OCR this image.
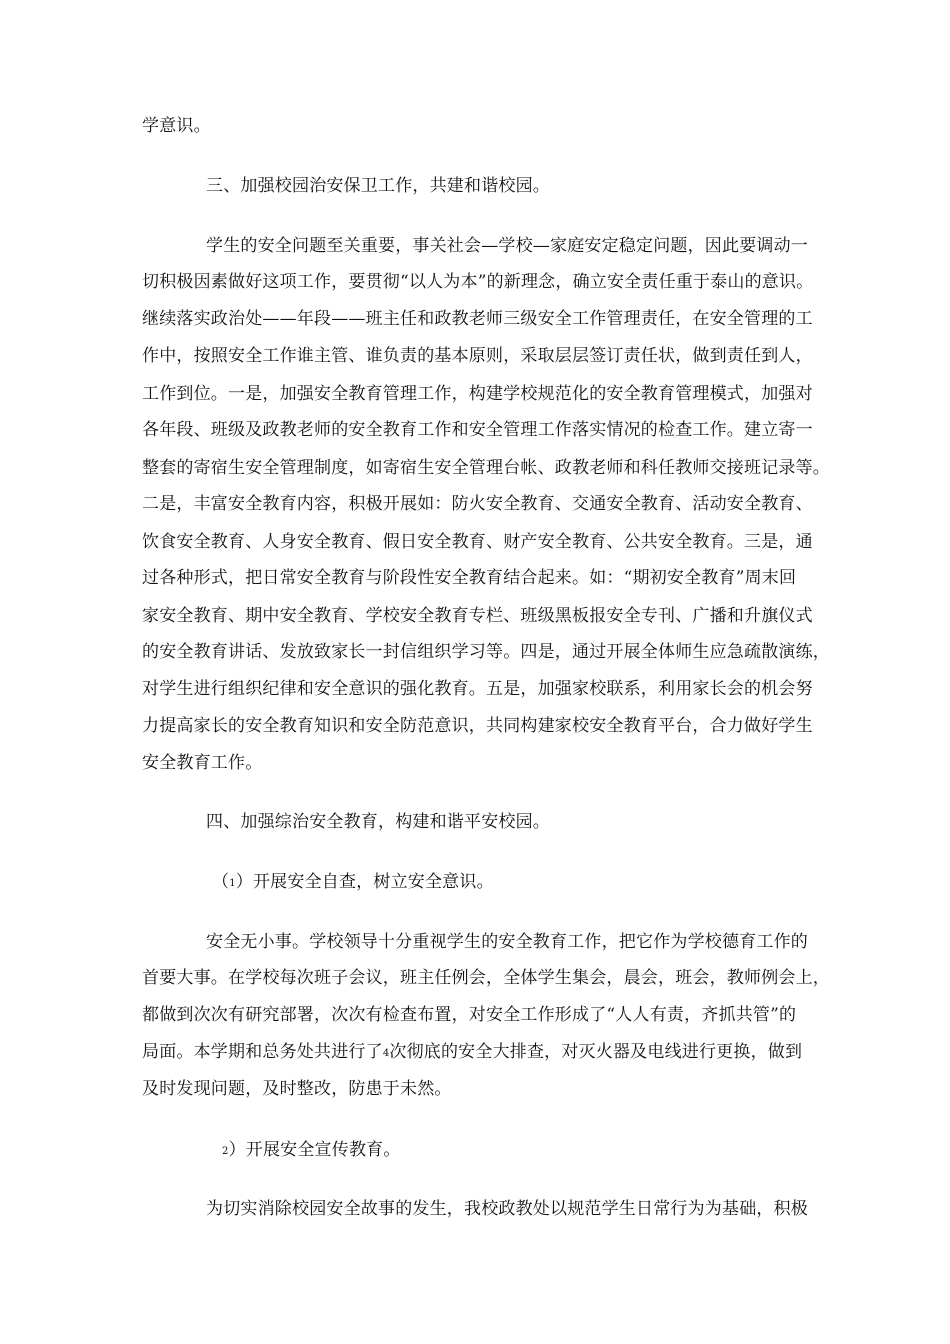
学意识。
三、加强校园治安保卫工作，共建和谐校园。
学生的安全问题至关重要，事关社会—学校—家庭安定稳定问题，因此要调动一
切积极因素做好这项工作，要贯彻“以人为本”的新理念，确立安全责任重于泰山的意识。
继续落实政治处——年段——班主任和政教老师三级安全工作管理责任，在安全管理的工
作中，按照安全工作谁主管、谁负责的基本原则，采取层层签订责任状，做到责任到人，
工作到位。一是，加强安全教育管理工作，构建学校规范化的安全教育管理模式，加强对
各年段、班级及政教老师的安全教育工作和安全管理工作落实情况的检查工作。建立寄一
整套的寄宿生安全管理制度，如寄宿生安全管理台帐、政教老师和科任教师交接班记录等。
二是，丰富安全教育内容，积极开展如：防火安全教育、交通安全教育、活动安全教育、
饮食安全教育、人身安全教育、假日安全教育、财产安全教育、公共安全教育。三是，通
过各种形式，把日常安全教育与阶段性安全教育结合起来。如：“期初安全教育”周末回
家安全教育、期中安全教育、学校安全教育专栏、班级黑板报安全专刊、广播和升旗仪式
的安全教育讲话、发放致家长一封信组织学习等。四是，通过开展全体师生应急疏散演练，
对学生进行组织纪律和安全意识的强化教育。五是，加强家校联系，利用家长会的机会努
力提高家长的安全教育知识和安全防范意识，共同构建家校安全教育平台，合力做好学生
安全教育工作。
四、加强综治安全教育，构建和谐平安校园。
（1）开展安全自查，树立安全意识。
安全无小事。学校领导十分重视学生的安全教育工作，把它作为学校德育工作的
首要大事。在学校每次班子会议，班主任例会，全体学生集会，晨会，班会，教师例会上，
都做到次次有研究部署，次次有检查布置，对安全工作形成了“人人有责，齐抓共管”的
局面。本学期和总务处共进行了4次彻底的安全大排查，对灭火器及电线进行更换，做到
及时发现问题，及时整改，防患于未然。
2）开展安全宣传教育。
为切实消除校园安全故事的发生，我校政教处以规范学生日常行为为基础，积极
